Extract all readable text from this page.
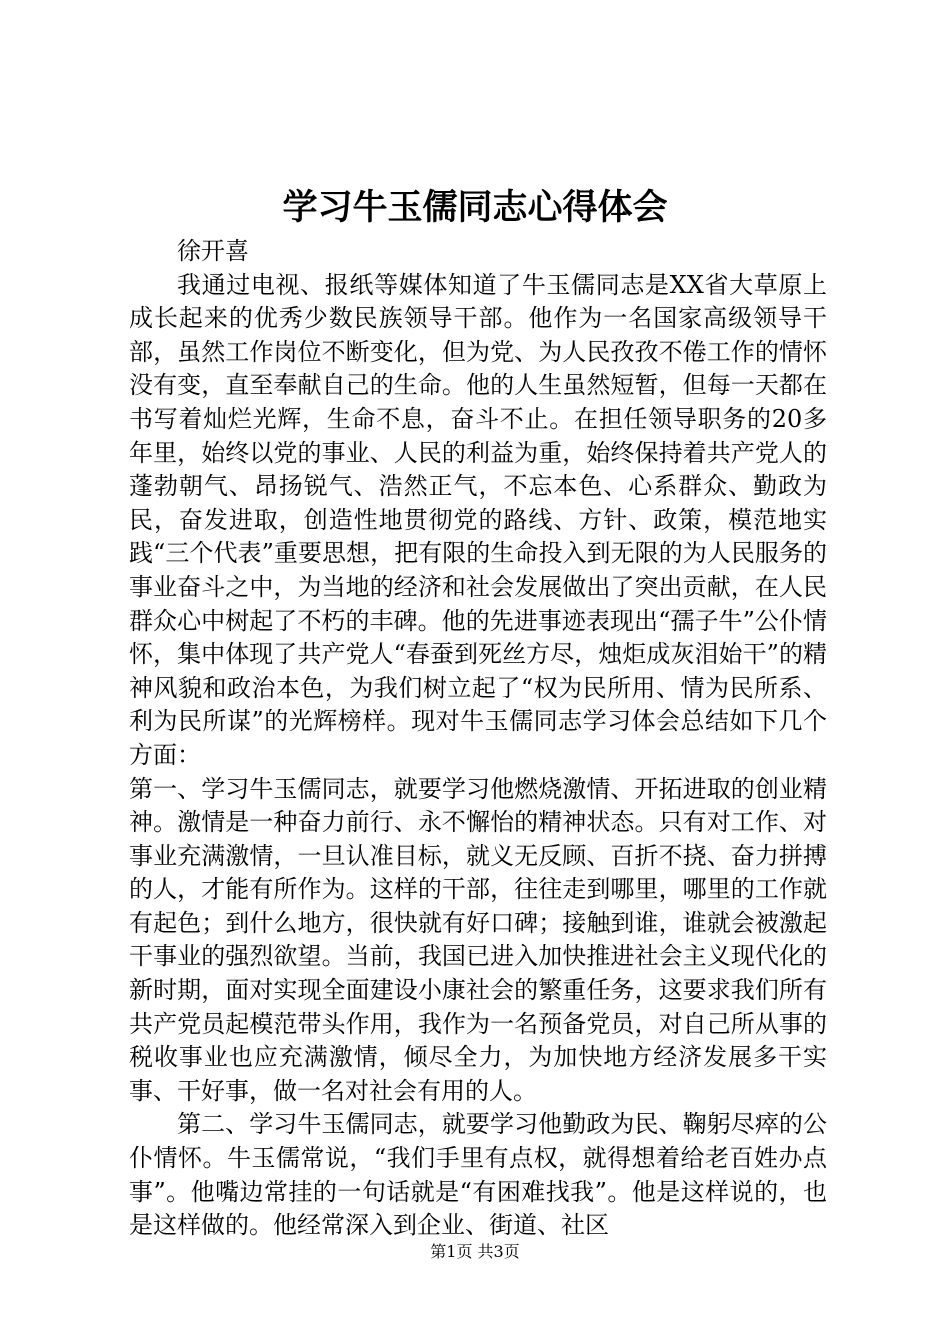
学习牛玉儒同志心得体会

徐开喜

我通过电视、报纸等媒体知道了牛玉儒同志是XX省大草原上成长起来的优秀少数民族领导干部。他作为一名国家高级领导干部，虽然工作岗位不断变化，但为党、为人民孜孜不倦工作的情怀没有变，直至奉献自己的生命。他的人生虽然短暂，但每一天都在书写着灿烂光辉，生命不息，奋斗不止。在担任领导职务的20多年里，始终以党的事业、人民的利益为重，始终保持着共产党人的蓬勃朝气、昂扬锐气、浩然正气，不忘本色、心系群众、勤政为民，奋发进取，创造性地贯彻党的路线、方针、政策，模范地实践“三个代表”重要思想，把有限的生命投入到无限的为人民服务的事业奋斗之中，为当地的经济和社会发展做出了突出贡献，在人民群众心中树起了不朽的丰碑。他的先进事迹表现出“孺子牛”公仆情怀，集中体现了共产党人“春蚕到死丝方尽，烛炬成灰泪始干”的精神风貌和政治本色，为我们树立起了“权为民所用、情为民所系、利为民所谋”的光辉榜样。现对牛玉儒同志学习体会总结如下几个方面：

第一、学习牛玉儒同志，就要学习他燃烧激情、开拓进取的创业精神。激情是一种奋力前行、永不懈怡的精神状态。只有对工作、对事业充满激情，一旦认准目标，就义无反顾、百折不挠、奋力拼搏的人，才能有所作为。这样的干部，往往走到哪里，哪里的工作就有起色；到什么地方，很快就有好口碑；接触到谁，谁就会被激起干事业的强烈欲望。当前，我国已进入加快推进社会主义现代化的新时期，面对实现全面建设小康社会的繁重任务，这要求我们所有共产党员起模范带头作用，我作为一名预备党员，对自己所从事的税收事业也应充满激情，倾尽全力，为加快地方经济发展多干实事、干好事，做一名对社会有用的人。

第二、学习牛玉儒同志，就要学习他勤政为民、鞠躬尽瘁的公仆情怀。牛玉儒常说，“我们手里有点权，就得想着给老百姓办点事”。他嘴边常挂的一句话就是“有困难找我”。他是这样说的，也是这样做的。他经常深入到企业、街道、社区

第1页 共3页
